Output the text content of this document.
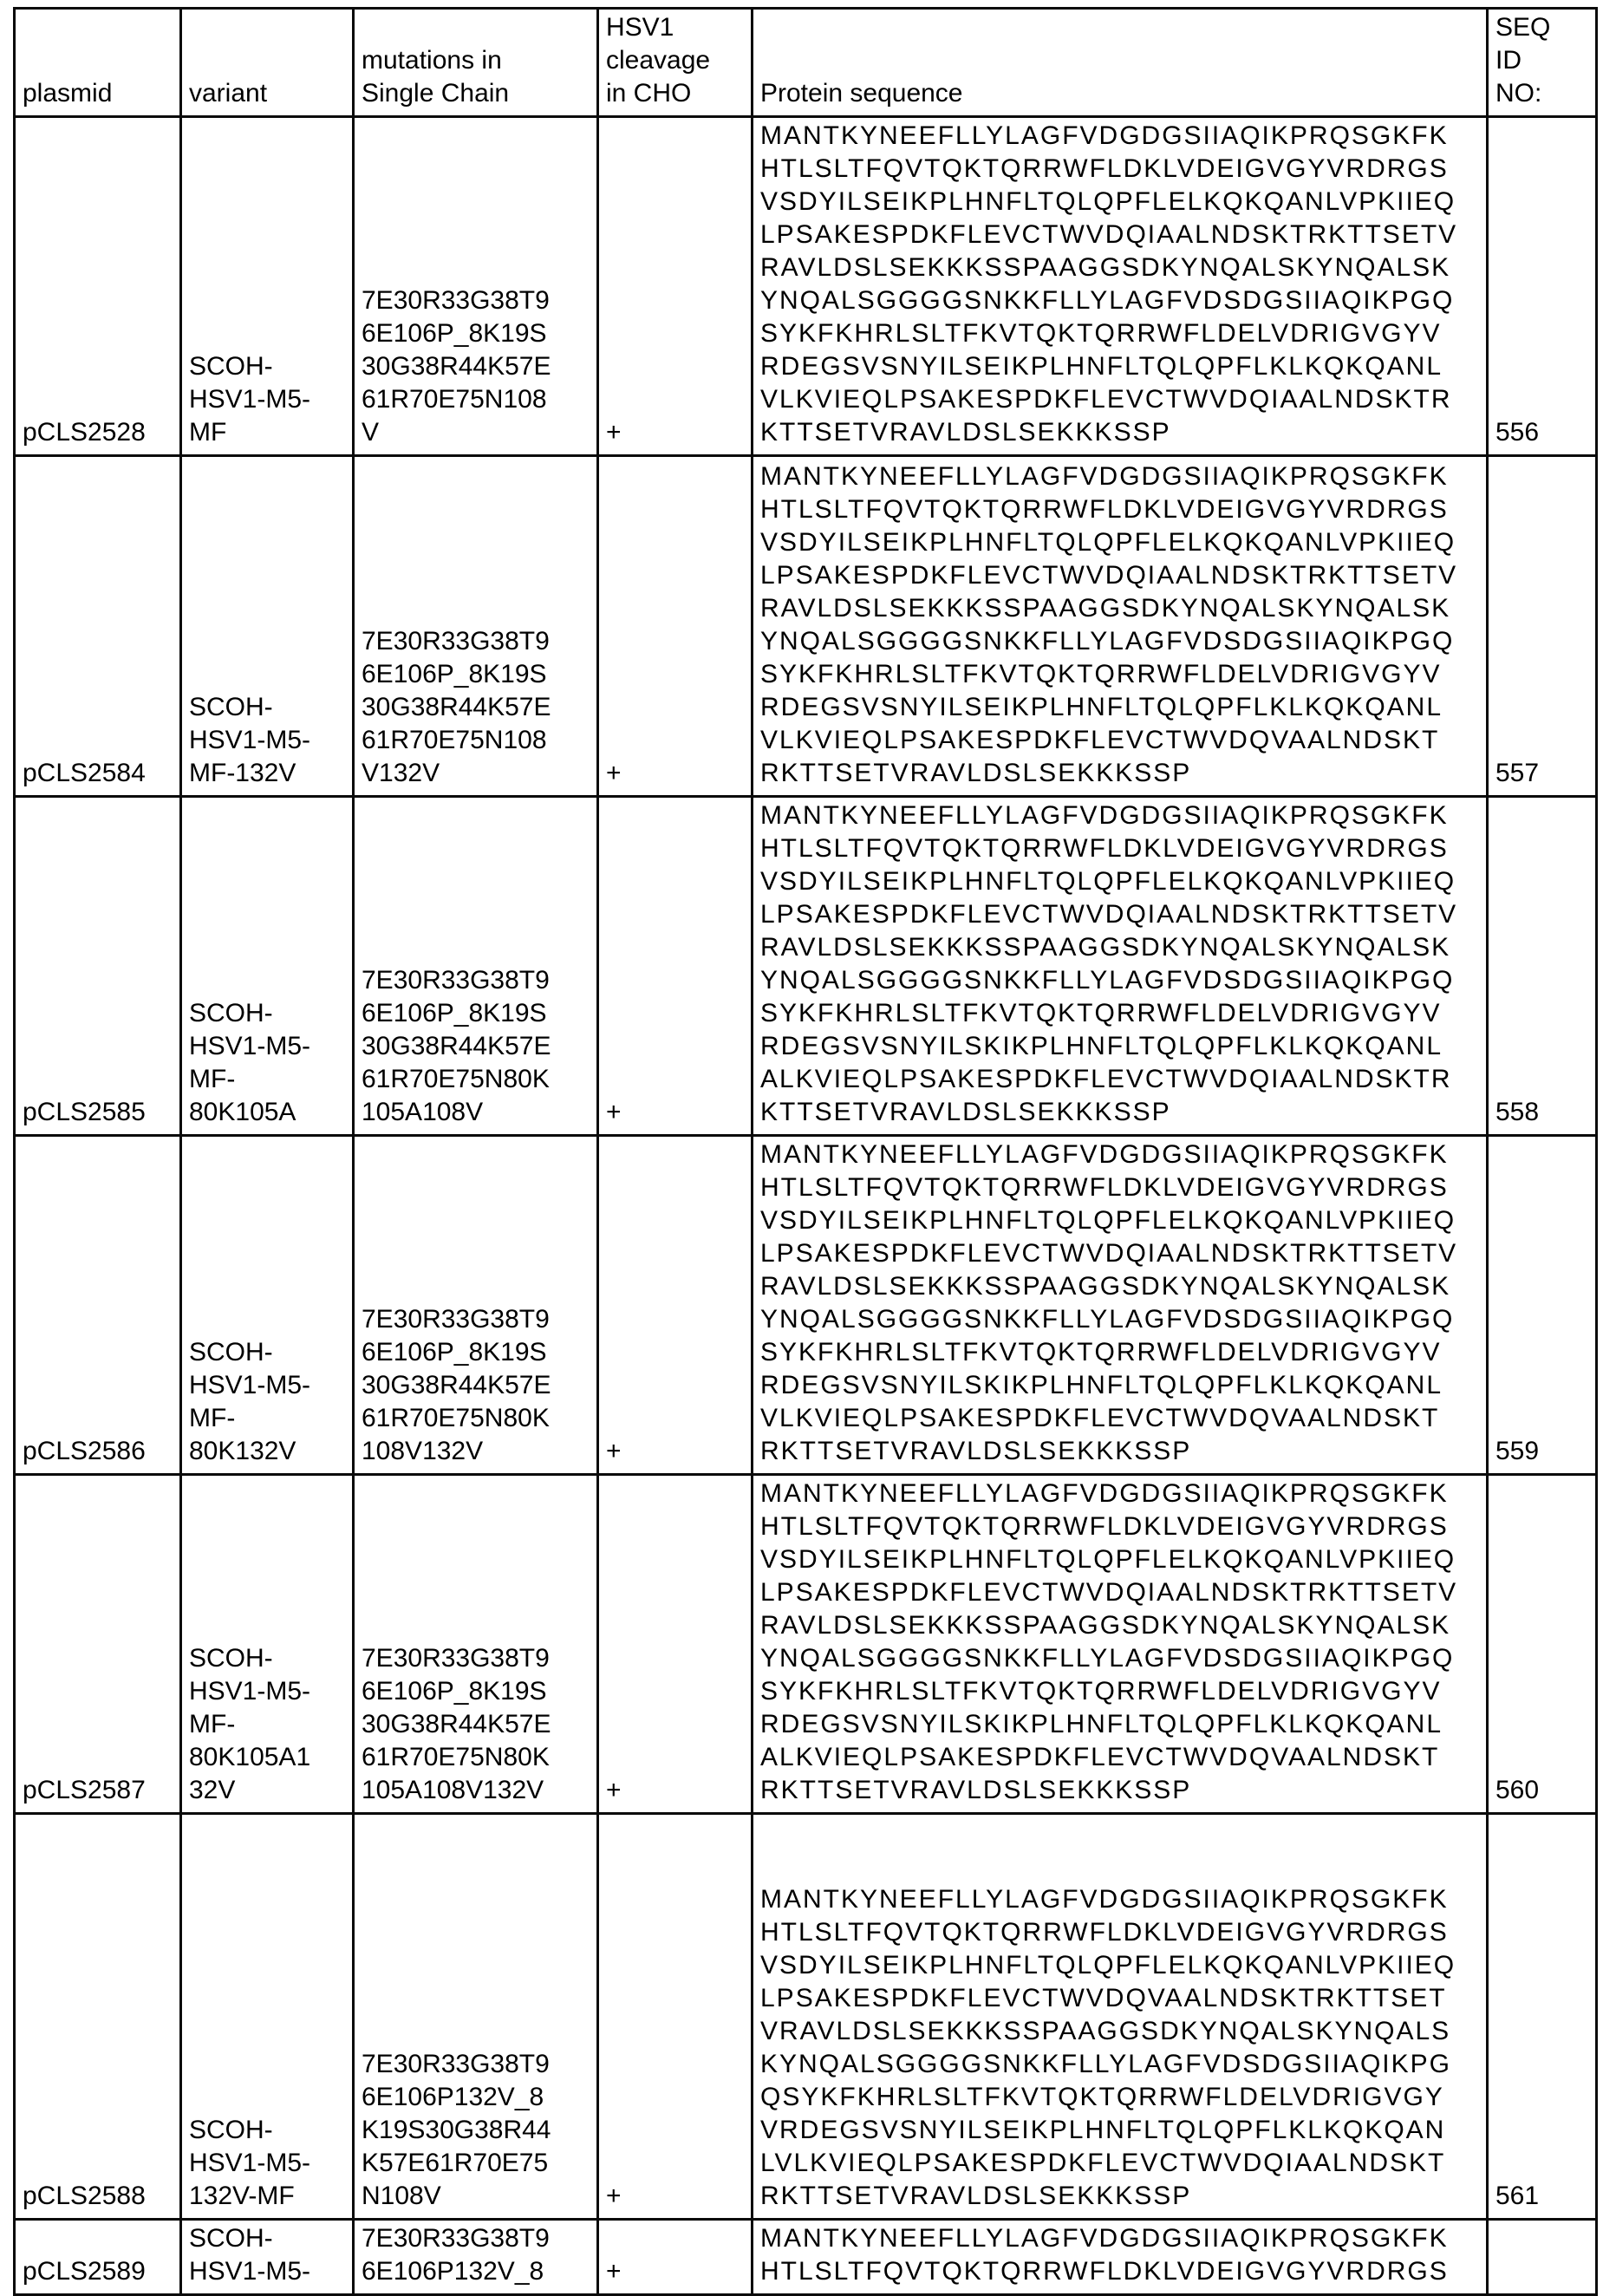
plasmid	variant	mutations in
Single Chain	HSV1
cleavage
in CHO	Protein sequence	SEQ
ID
NO:
pCLS2528	SCOH-
HSV1-M5-
MF	7E30R33G38T9
6E106P_8K19S
30G38R44K57E
61R70E75N108
V	+	MANTKYNEEFLLYLAGFVDGDGSIIAQIKPRQSGKFK
HTLSLTFQVTQKTQRRWFLDKLVDEIGVGYVRDRGS
VSDYILSEIKPLHNFLTQLQPFLELKQKQANLVPKIIEQ
LPSAKESPDKFLEVCTWVDQIAALNDSKTRKTTSETV
RAVLDSLSEKKKSSPAAGGSDKYNQALSKYNQALSK
YNQALSGGGGSNKKFLLYLAGFVDSDGSIIAQIKPGQ
SYKFKHRLSLTFKVTQKTQRRWFLDELVDRIGVGYV
RDEGSVSNYILSEIKPLHNFLTQLQPFLKLKQKQANL
VLKVIEQLPSAKESPDKFLEVCTWVDQIAALNDSKTR
KTTSETVRAVLDSLSEKKKSSP	556
pCLS2584	SCOH-
HSV1-M5-
MF-132V	7E30R33G38T9
6E106P_8K19S
30G38R44K57E
61R70E75N108
V132V	+	MANTKYNEEFLLYLAGFVDGDGSIIAQIKPRQSGKFK
HTLSLTFQVTQKTQRRWFLDKLVDEIGVGYVRDRGS
VSDYILSEIKPLHNFLTQLQPFLELKQKQANLVPKIIEQ
LPSAKESPDKFLEVCTWVDQIAALNDSKTRKTTSETV
RAVLDSLSEKKKSSPAAGGSDKYNQALSKYNQALSK
YNQALSGGGGSNKKFLLYLAGFVDSDGSIIAQIKPGQ
SYKFKHRLSLTFKVTQKTQRRWFLDELVDRIGVGYV
RDEGSVSNYILSEIKPLHNFLTQLQPFLKLKQKQANL
VLKVIEQLPSAKESPDKFLEVCTWVDQVAALNDSKT
RKTTSETVRAVLDSLSEKKKSSP	557
pCLS2585	SCOH-
HSV1-M5-
MF-
80K105A	7E30R33G38T9
6E106P_8K19S
30G38R44K57E
61R70E75N80K
105A108V	+	MANTKYNEEFLLYLAGFVDGDGSIIAQIKPRQSGKFK
HTLSLTFQVTQKTQRRWFLDKLVDEIGVGYVRDRGS
VSDYILSEIKPLHNFLTQLQPFLELKQKQANLVPKIIEQ
LPSAKESPDKFLEVCTWVDQIAALNDSKTRKTTSETV
RAVLDSLSEKKKSSPAAGGSDKYNQALSKYNQALSK
YNQALSGGGGSNKKFLLYLAGFVDSDGSIIAQIKPGQ
SYKFKHRLSLTFKVTQKTQRRWFLDELVDRIGVGYV
RDEGSVSNYILSKIKPLHNFLTQLQPFLKLKQKQANL
ALKVIEQLPSAKESPDKFLEVCTWVDQIAALNDSKTR
KTTSETVRAVLDSLSEKKKSSP	558
pCLS2586	SCOH-
HSV1-M5-
MF-
80K132V	7E30R33G38T9
6E106P_8K19S
30G38R44K57E
61R70E75N80K
108V132V	+	MANTKYNEEFLLYLAGFVDGDGSIIAQIKPRQSGKFK
HTLSLTFQVTQKTQRRWFLDKLVDEIGVGYVRDRGS
VSDYILSEIKPLHNFLTQLQPFLELKQKQANLVPKIIEQ
LPSAKESPDKFLEVCTWVDQIAALNDSKTRKTTSETV
RAVLDSLSEKKKSSPAAGGSDKYNQALSKYNQALSK
YNQALSGGGGSNKKFLLYLAGFVDSDGSIIAQIKPGQ
SYKFKHRLSLTFKVTQKTQRRWFLDELVDRIGVGYV
RDEGSVSNYILSKIKPLHNFLTQLQPFLKLKQKQANL
VLKVIEQLPSAKESPDKFLEVCTWVDQVAALNDSKT
RKTTSETVRAVLDSLSEKKKSSP	559
pCLS2587	SCOH-
HSV1-M5-
MF-
80K105A1
32V	7E30R33G38T9
6E106P_8K19S
30G38R44K57E
61R70E75N80K
105A108V132V	+	MANTKYNEEFLLYLAGFVDGDGSIIAQIKPRQSGKFK
HTLSLTFQVTQKTQRRWFLDKLVDEIGVGYVRDRGS
VSDYILSEIKPLHNFLTQLQPFLELKQKQANLVPKIIEQ
LPSAKESPDKFLEVCTWVDQIAALNDSKTRKTTSETV
RAVLDSLSEKKKSSPAAGGSDKYNQALSKYNQALSK
YNQALSGGGGSNKKFLLYLAGFVDSDGSIIAQIKPGQ
SYKFKHRLSLTFKVTQKTQRRWFLDELVDRIGVGYV
RDEGSVSNYILSKIKPLHNFLTQLQPFLKLKQKQANL
ALKVIEQLPSAKESPDKFLEVCTWVDQVAALNDSKT
RKTTSETVRAVLDSLSEKKKSSP	560
pCLS2588	SCOH-
HSV1-M5-
132V-MF	7E30R33G38T9
6E106P132V_8
K19S30G38R44
K57E61R70E75
N108V	+	MANTKYNEEFLLYLAGFVDGDGSIIAQIKPRQSGKFK
HTLSLTFQVTQKTQRRWFLDKLVDEIGVGYVRDRGS
VSDYILSEIKPLHNFLTQLQPFLELKQKQANLVPKIIEQ
LPSAKESPDKFLEVCTWVDQVAALNDSKTRKTTSET
VRAVLDSLSEKKKSSPAAGGSDKYNQALSKYNQALS
KYNQALSGGGGSNKKFLLYLAGFVDSDGSIIAQIKPG
QSYKFKHRLSLTFKVTQKTQRRWFLDELVDRIGVGY
VRDEGSVSNYILSEIKPLHNFLTQLQPFLKLKQKQAN
LVLKVIEQLPSAKESPDKFLEVCTWVDQIAALNDSKT
RKTTSETVRAVLDSLSEKKKSSP	561
pCLS2589	SCOH-
HSV1-M5-	7E30R33G38T9
6E106P132V_8	+	MANTKYNEEFLLYLAGFVDGDGSIIAQIKPRQSGKFK
HTLSLTFQVTQKTQRRWFLDKLVDEIGVGYVRDRGS	
